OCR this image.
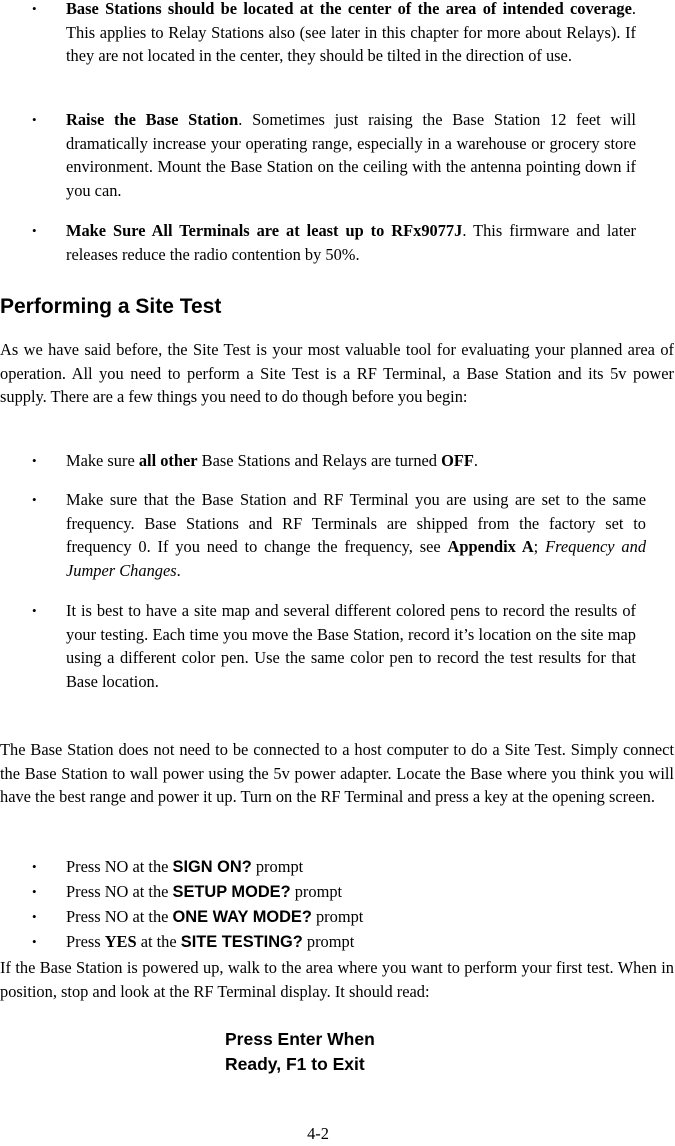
•	Base Stations should be located at the center of the area of intended coverage. This applies to Relay Stations also (see later in this chapter for more about Relays). If they are not located in the center, they should be tilted in the direction of use.
•	Raise the Base Station. Sometimes just raising the Base Station 12 feet will dramatically increase your operating range, especially in a warehouse or grocery store environment. Mount the Base Station on the ceiling with the antenna pointing down if you can.
•	Make Sure All Terminals are at least up to RFx9077J. This firmware and later releases reduce the radio contention by 50%.
Performing a Site Test
As we have said before, the Site Test is your most valuable tool for evaluating your planned area of operation. All you need to perform a Site Test is a RF Terminal, a Base Station and its 5v power supply. There are a few things you need to do though before you begin:
•	Make sure all other Base Stations and Relays are turned OFF.
•	Make sure that the Base Station and RF Terminal you are using are set to the same frequency. Base Stations and RF Terminals are shipped from the factory set to frequency 0. If you need to change the frequency, see Appendix A; Frequency and Jumper Changes.
•	It is best to have a site map and several different colored pens to record the results of your testing. Each time you move the Base Station, record it’s location on the site map using a different color pen. Use the same color pen to record the test results for that Base location.
The Base Station does not need to be connected to a host computer to do a Site Test. Simply connect the Base Station to wall power using the 5v power adapter. Locate the Base where you think you will have the best range and power it up. Turn on the RF Terminal and press a key at the opening screen.
•	Press NO at the SIGN ON? prompt
•	Press NO at the SETUP MODE? prompt
•	Press NO at the ONE WAY MODE? prompt
•	Press YES at the SITE TESTING? prompt
If the Base Station is powered up, walk to the area where you want to perform your first test. When in position, stop and look at the RF Terminal display. It should read:
Press Enter When
Ready, F1 to Exit
4-2
